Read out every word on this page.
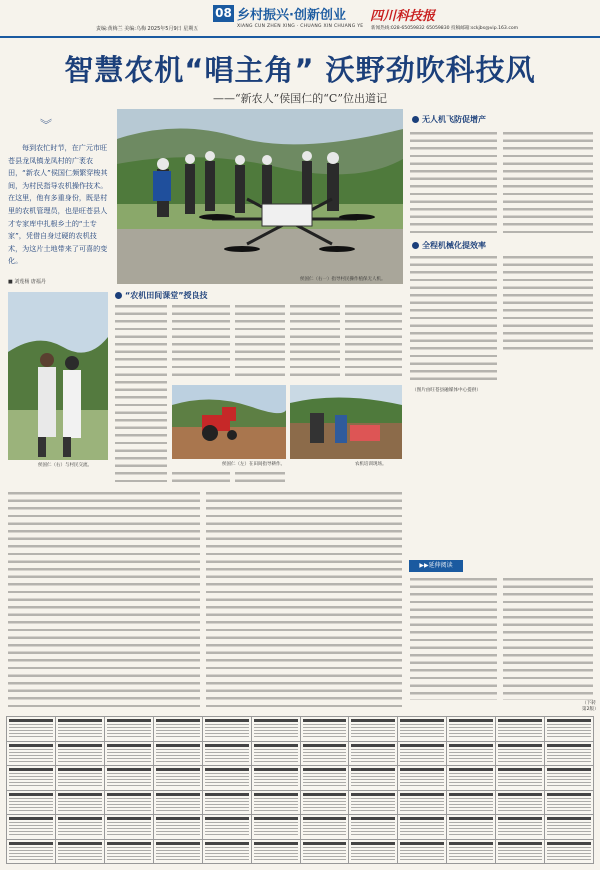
责编:黄梅兰 美编:乌梅 2025年5月9日 星期五
08 乡村振兴·创新创业
XIANG CUN ZHEN XING · CHUANG XIN CHUANG YE
四川科技报
新闻热线:028-65059832 65059830 投稿邮箱:sckjbs@vip.163.com
智慧农机“唱主角” 沃野劲吹科技风
——“新农人”侯国仁的“C”位出道记
︾
每到农忙时节，在广元市旺苍县龙凤镇龙凤村的广袤农田，“新农人”侯国仁频繁穿梭其间，为村民指导农机操作技术。在这里，他有多重身份，既是村里的农机管理员，也是旺苍县人才专家库中扎根乡土的“土专家”，凭借自身过硬的农机技术，为这片土地带来了可喜的变化。
■ 刘莲杨 唐福丹	侯国仁（右一）指导村民操作植保无人机。
无人机飞防促增产
全程机械化提效率
（图片由旺苍县融媒体中心提供）
侯国仁（右）与村民交流。
“农机田间课堂”授良技
侯国仁（左）在田间指导耕作。	农机培训现场。
▶▶延伸阅读
（下转第2版）
